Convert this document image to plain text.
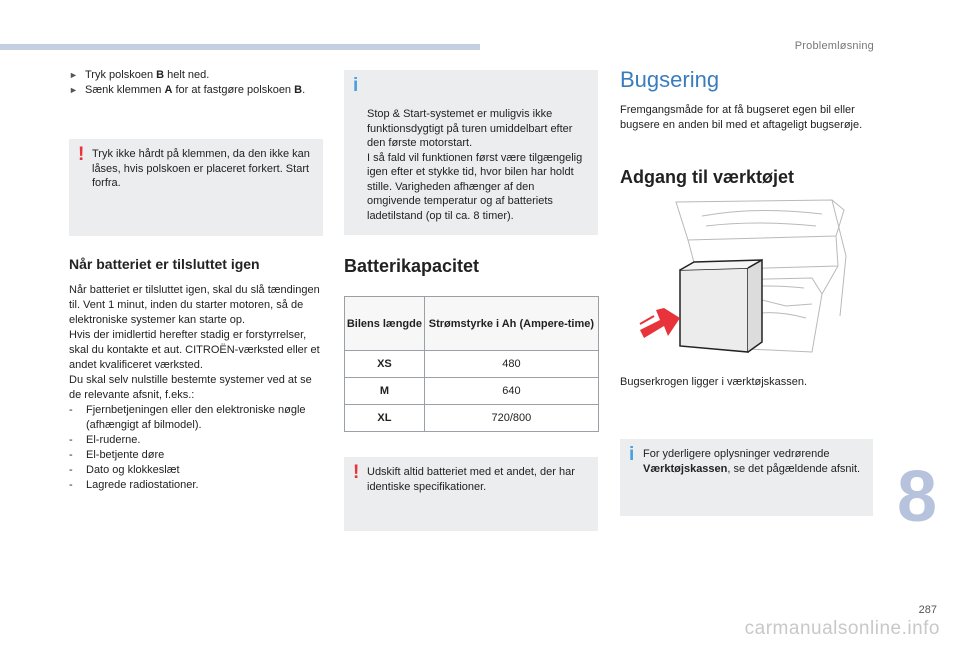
Problemløsning
► Tryk polskoen B helt ned.
► Sænk klemmen A for at fastgøre polskoen B.
! Tryk ikke hårdt på klemmen, da den ikke kan låses, hvis polskoen er placeret forkert. Start forfra.
Når batteriet er tilsluttet igen
Når batteriet er tilsluttet igen, skal du slå tændingen til. Vent 1 minut, inden du starter motoren, så de elektroniske systemer kan starte op.
Hvis der imidlertid herefter stadig er forstyrrelser, skal du kontakte et aut. CITROËN-værksted eller et andet kvalificeret værksted.
Du skal selv nulstille bestemte systemer ved at se de relevante afsnit, f.eks.:
-	Fjernbetjeningen eller den elektroniske nøgle (afhængigt af bilmodel).
-	El-ruderne.
-	El-betjente døre
-	Dato og klokkeslæt
-	Lagrede radiostationer.

i

Stop & Start-systemet er muligvis ikke funktionsdygtigt på turen umiddelbart efter den første motorstart.
I så fald vil funktionen først være tilgængelig igen efter et stykke tid, hvor bilen har holdt stille. Varigheden afhænger af den omgivende temperatur og af batteriets ladetilstand (op til ca. 8 timer).

Batterikapacitet
Bilens længde	Strømstyrke i Ah (Ampere-time)
XS	480
M	640
XL	720/800
! Udskift altid batteriet med et andet, der har identiske specifikationer.
Bugsering
Fremgangsmåde for at få bugseret egen bil eller bugsere en anden bil med et aftageligt bugserøje.
Adgang til værktøjet
Bugserkrogen ligger i værktøjskassen.
i For yderligere oplysninger vedrørende Værktøjskassen, se det pågældende afsnit. 8
287
carmanualsonline.info
